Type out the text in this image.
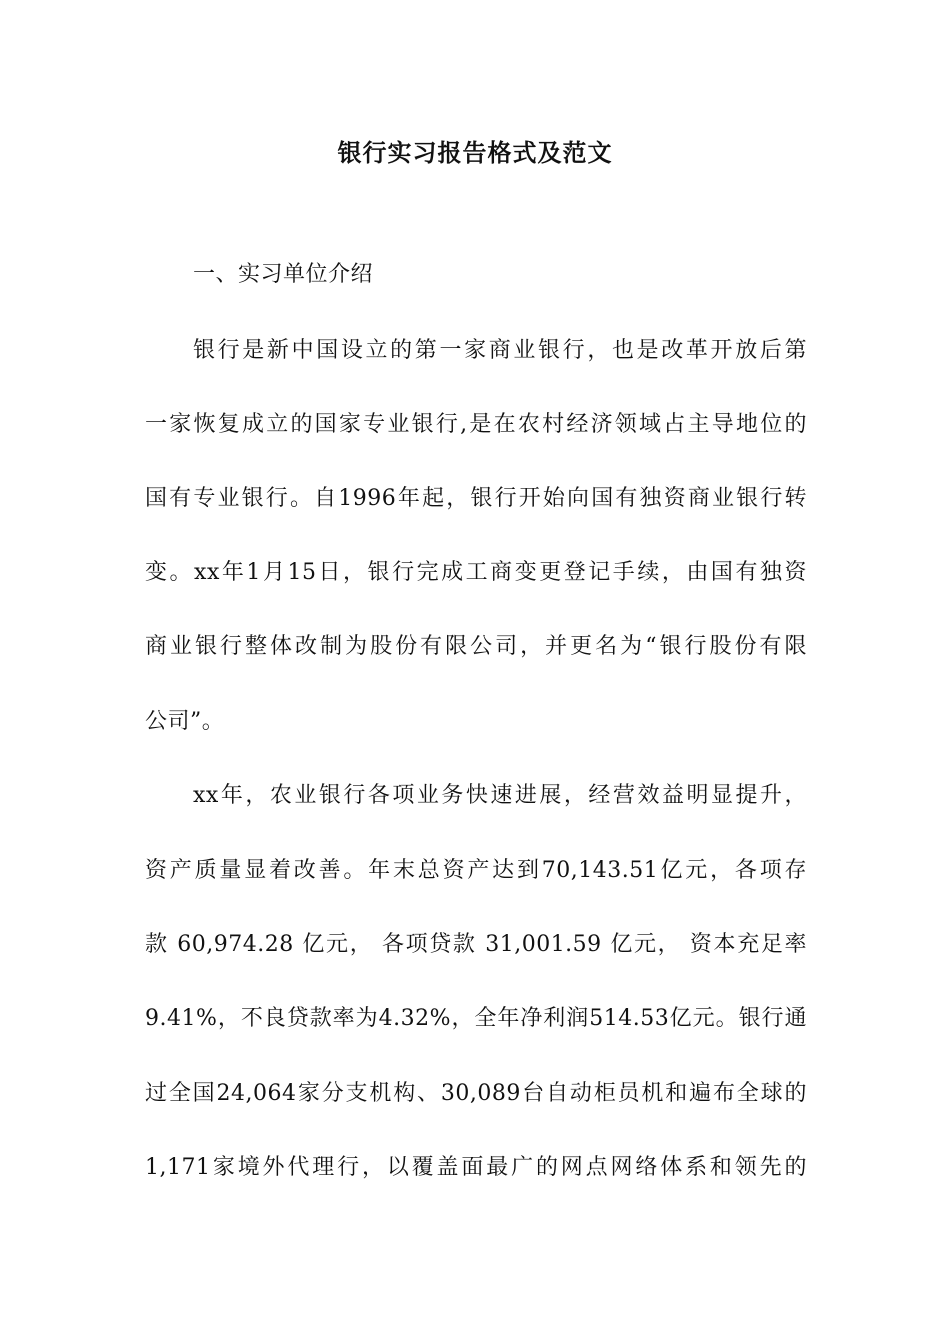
银行实习报告格式及范文
一、实习单位介绍
银行是新中国设立的第一家商业银行，也是改革开放后第
一家恢复成立的国家专业银行,是在农村经济领域占主导地位的
国有专业银行。自1996年起，银行开始向国有独资商业银行转
变。xx年1月15日，银行完成工商变更登记手续，由国有独资
商业银行整体改制为股份有限公司，并更名为“银行股份有限
公司”。
xx年，农业银行各项业务快速进展，经营效益明显提升，
资产质量显着改善。年末总资产达到70,143.51亿元，各项存
款 60,974.28 亿元， 各项贷款 31,001.59 亿元， 资本充足率
9.41%，不良贷款率为4.32%，全年净利润514.53亿元。银行通
过全国24,064家分支机构、30,089台自动柜员机和遍布全球的
1,171家境外代理行，以覆盖面最广的网点网络体系和领先的
